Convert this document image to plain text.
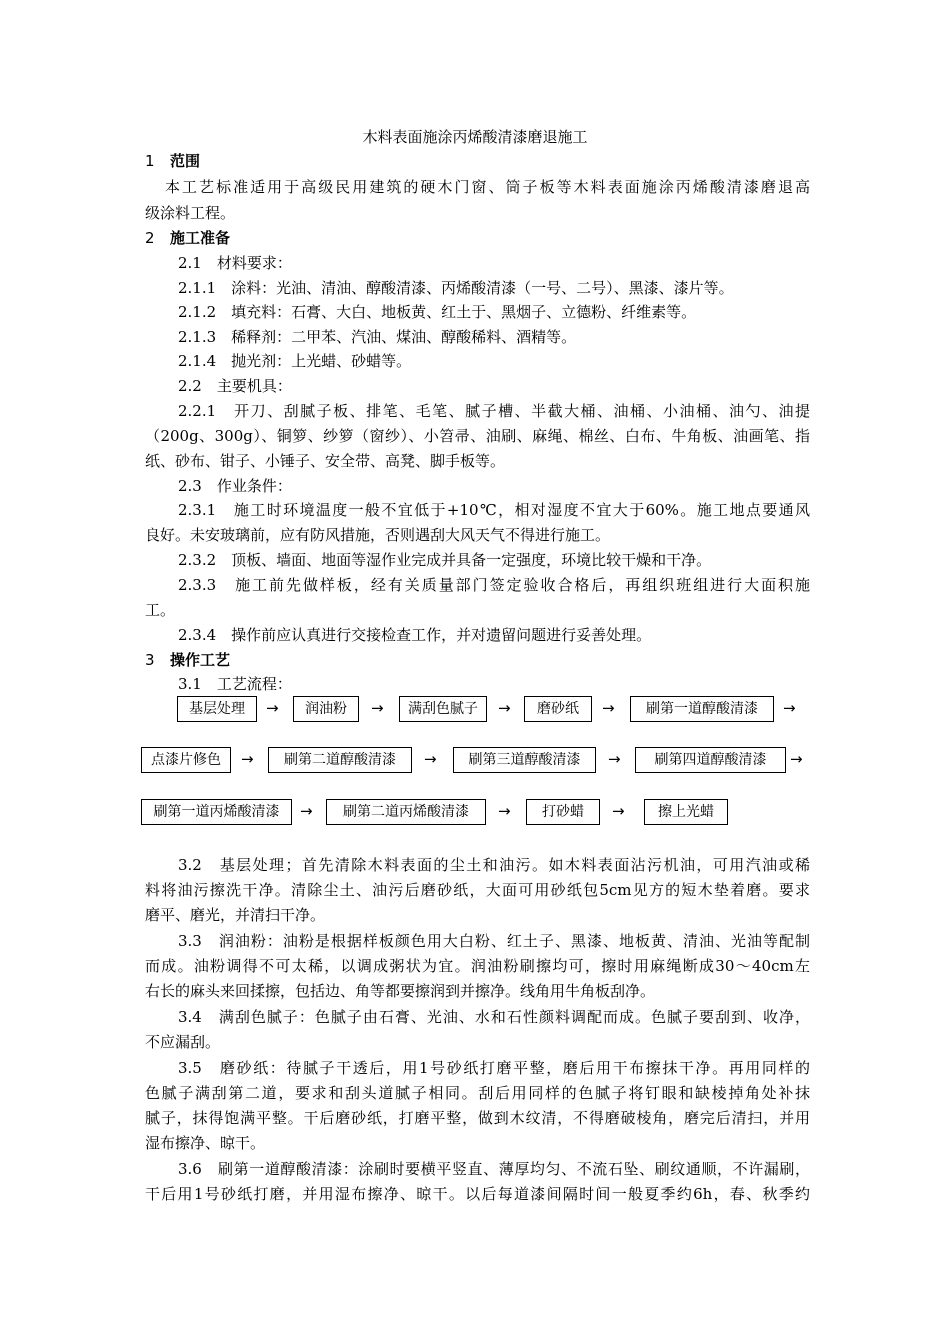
木料表面施涂丙烯酸清漆磨退施工
1 范围
本工艺标准适用于高级民用建筑的硬木门窗、筒子板等木料表面施涂丙烯酸清漆磨退高
级涂料工程。
2 施工准备
2.1　材料要求：
2.1.1　涂料：光油、清油、醇酸清漆、丙烯酸清漆（一号、二号）、黑漆、漆片等。
2.1.2　填充料：石膏、大白、地板黄、红土于、黑烟子、立德粉、纤维素等。
2.1.3　稀释剂：二甲苯、汽油、煤油、醇酸稀料、酒精等。
2.1.4　抛光剂：上光蜡、砂蜡等。
2.2　主要机具：
2.2.1　开刀、刮腻子板、排笔、毛笔、腻子槽、半截大桶、油桶、小油桶、油勺、油提
（200g、300g）、铜箩、纱箩（窗纱）、小笤帚、油刷、麻绳、棉丝、白布、牛角板、油画笔、指
纸、砂布、钳子、小锤子、安全带、高凳、脚手板等。
2.3　作业条件：
2.3.1　施工时环境温度一般不宜低于+10℃，相对湿度不宜大于60%。施工地点要通风
良好。未安玻璃前，应有防风措施，否则遇刮大风天气不得进行施工。
2.3.2　顶板、墙面、地面等湿作业完成并具备一定强度，环境比较干燥和干净。
2.3.3　施工前先做样板，经有关质量部门签定验收合格后，再组织班组进行大面积施
工。
2.3.4　操作前应认真进行交接检查工作，并对遗留问题进行妥善处理。
3 操作工艺
3.1　工艺流程：
基层处理	→	润油粉	→	满刮色腻子	→	磨砂纸	→	刷第一道醇酸清漆	→
点漆片修色	→	刷第二道醇酸清漆	→	刷第三道醇酸清漆	→	刷第四道醇酸清漆	→
刷第一道丙烯酸清漆	→	刷第二道丙烯酸清漆	→	打砂蜡	→	擦上光蜡
3.2　基层处理；首先清除木料表面的尘土和油污。如木料表面沾污机油，可用汽油或稀
料将油污擦洗干净。清除尘土、油污后磨砂纸，大面可用砂纸包5cm见方的短木垫着磨。要求
磨平、磨光，并清扫干净。
3.3　润油粉：油粉是根据样板颜色用大白粉、红土子、黑漆、地板黄、清油、光油等配制
而成。油粉调得不可太稀，以调成粥状为宜。润油粉刷擦均可，擦时用麻绳断成30～40cm左
右长的麻头来回揉擦，包括边、角等都要擦润到并擦净。线角用牛角板刮净。
3.4　满刮色腻子：色腻子由石膏、光油、水和石性颜料调配而成。色腻子要刮到、收净，
不应漏刮。
3.5　磨砂纸：待腻子干透后，用1号砂纸打磨平整，磨后用干布擦抹干净。再用同样的
色腻子满刮第二道，要求和刮头道腻子相同。刮后用同样的色腻子将钉眼和缺棱掉角处补抹
腻子，抹得饱满平整。干后磨砂纸，打磨平整，做到木纹清，不得磨破棱角，磨完后清扫，并用
湿布擦净、晾干。
3.6　刷第一道醇酸清漆：涂刷时要横平竖直、薄厚均匀、不流石坠、刷纹通顺，不许漏刷，
干后用1号砂纸打磨，并用湿布擦净、晾干。以后每道漆间隔时间一般夏季约6h，春、秋季约
